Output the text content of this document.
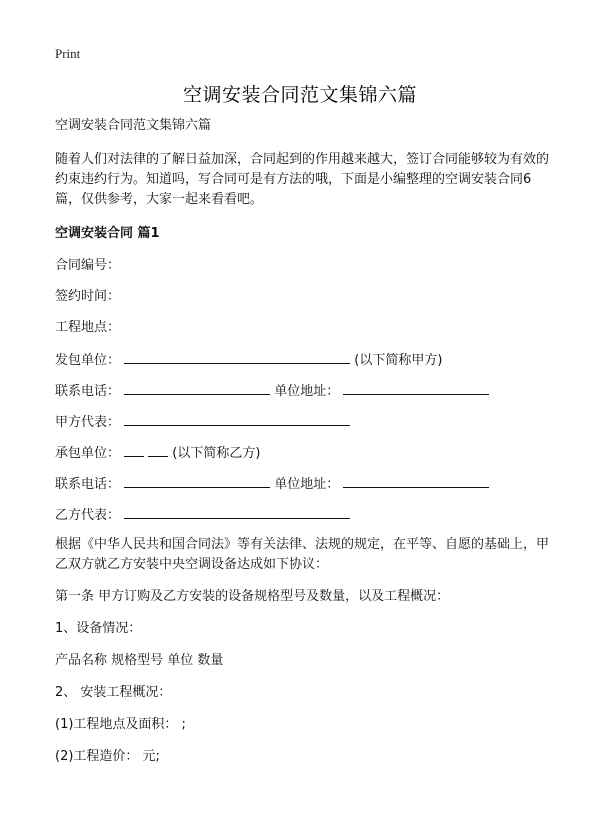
Print
空调安装合同范文集锦六篇

空调安装合同范文集锦六篇

随着人们对法律的了解日益加深，合同起到的作用越来越大，签订合同能够较为有效的约束违约行为。知道吗，写合同可是有方法的哦，下面是小编整理的空调安装合同6篇，仅供参考，大家一起来看看吧。

空调安装合同 篇1

合同编号：

签约时间：

工程地点：

发包单位：	(以下简称甲方)

联系电话：	单位地址：

甲方代表：

承包单位：	(以下简称乙方)

联系电话：	单位地址：

乙方代表：

根据《中华人民共和国合同法》等有关法律、法规的规定，在平等、自愿的基础上，甲乙双方就乙方安装中央空调设备达成如下协议：

第一条 甲方订购及乙方安装的设备规格型号及数量，以及工程概况：

1、设备情况：

产品名称 规格型号 单位 数量

2、 安装工程概况：

(1)工程地点及面积： ;

(2)工程造价： 元;
